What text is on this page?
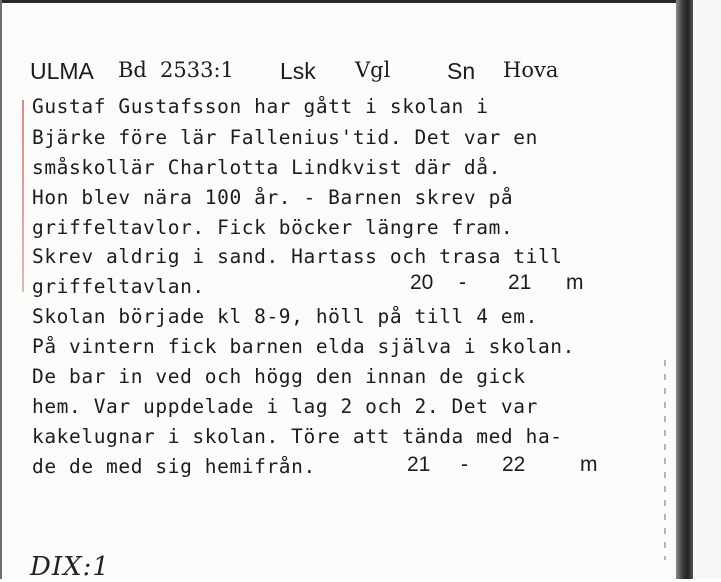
ULMA Bd 2533:1 Lsk Vgl Sn Hova
Gustaf Gustafsson har gått i skolan i
Bjärke före lär Fallenius'tid. Det var en
småskollär Charlotta Lindkvist där då.
Hon blev nära 100 år. - Barnen skrev på
griffeltavlor. Fick böcker längre fram.
Skrev aldrig i sand. Hartass och trasa till
griffeltavlan.
Skolan började kl 8-9, höll på till 4 em.
På vintern fick barnen elda själva i skolan.
De bar in ved och högg den innan de gick
hem. Var uppdelade i lag 2 och 2. Det var
kakelugnar i skolan. Töre att tända med ha-
de de med sig hemifrån.
20 - 21 m
21 - 22	m
DIX:1
